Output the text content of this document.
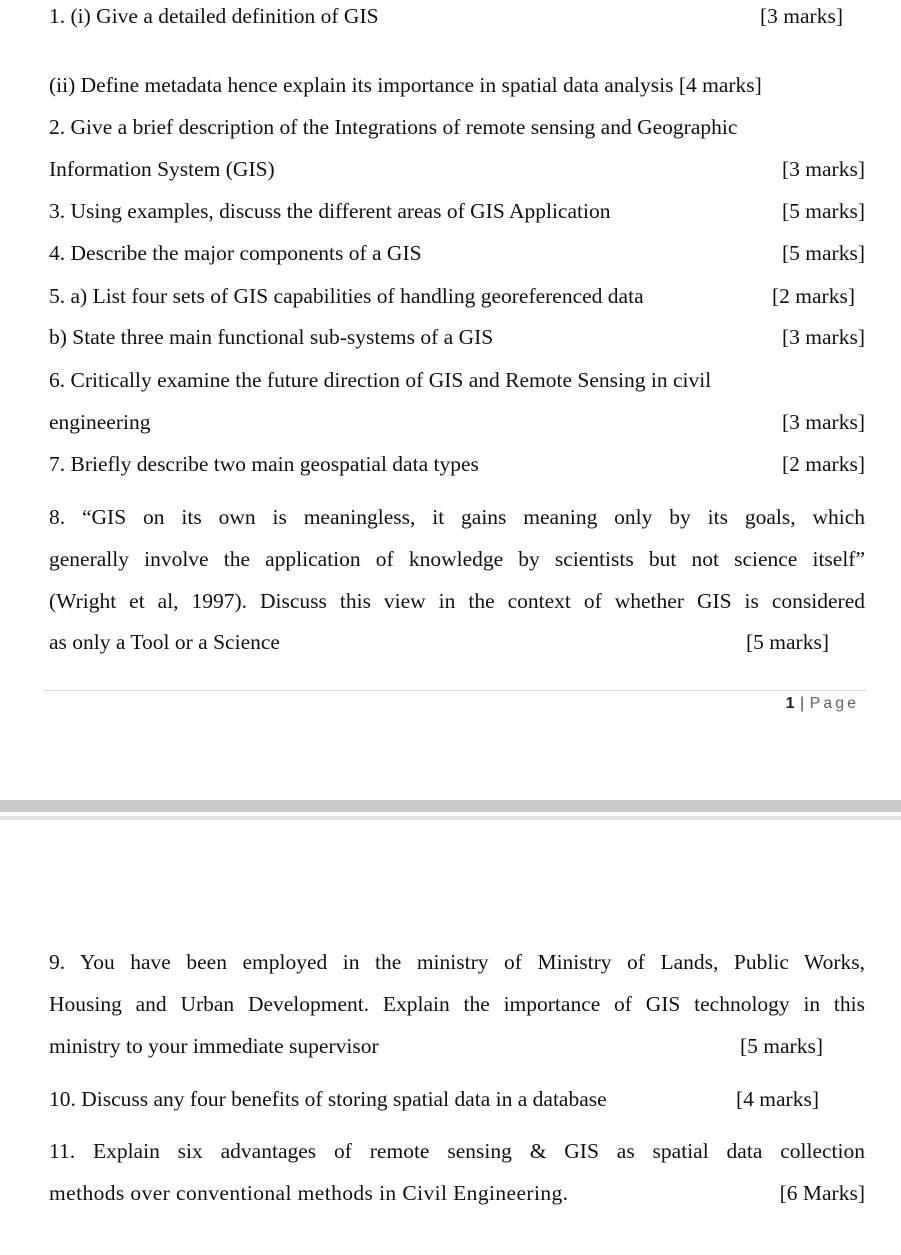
1. (i) Give a detailed definition of GIS	[3 marks]
(ii) Define metadata hence explain its importance in spatial data analysis [4 marks]
2. Give a brief description of the Integrations of remote sensing and Geographic
Information System (GIS)	[3 marks]
3. Using examples, discuss the different areas of GIS Application	[5 marks]
4. Describe the major components of a GIS	[5 marks]
5. a) List four sets of GIS capabilities of handling georeferenced data	[2 marks]
b) State three main functional sub-systems of a GIS	[3 marks]
6. Critically examine the future direction of GIS and Remote Sensing in civil
engineering	[3 marks]
7. Briefly describe two main geospatial data types	[2 marks]
8. “GIS on its own is meaningless, it gains meaning only by its goals, which
generally involve the application of knowledge by scientists but not science itself”
(Wright et al, 1997). Discuss this view in the context of whether GIS is considered
as only a Tool or a Science	[5 marks]
1 | Page
9. You have been employed in the ministry of Ministry of Lands, Public Works,
Housing and Urban Development. Explain the importance of GIS technology in this
ministry to your immediate supervisor	[5 marks]
10. Discuss any four benefits of storing spatial data in a database	[4 marks]
11. Explain six advantages of remote sensing & GIS as spatial data collection
methods over conventional methods in Civil Engineering.	[6 Marks]
